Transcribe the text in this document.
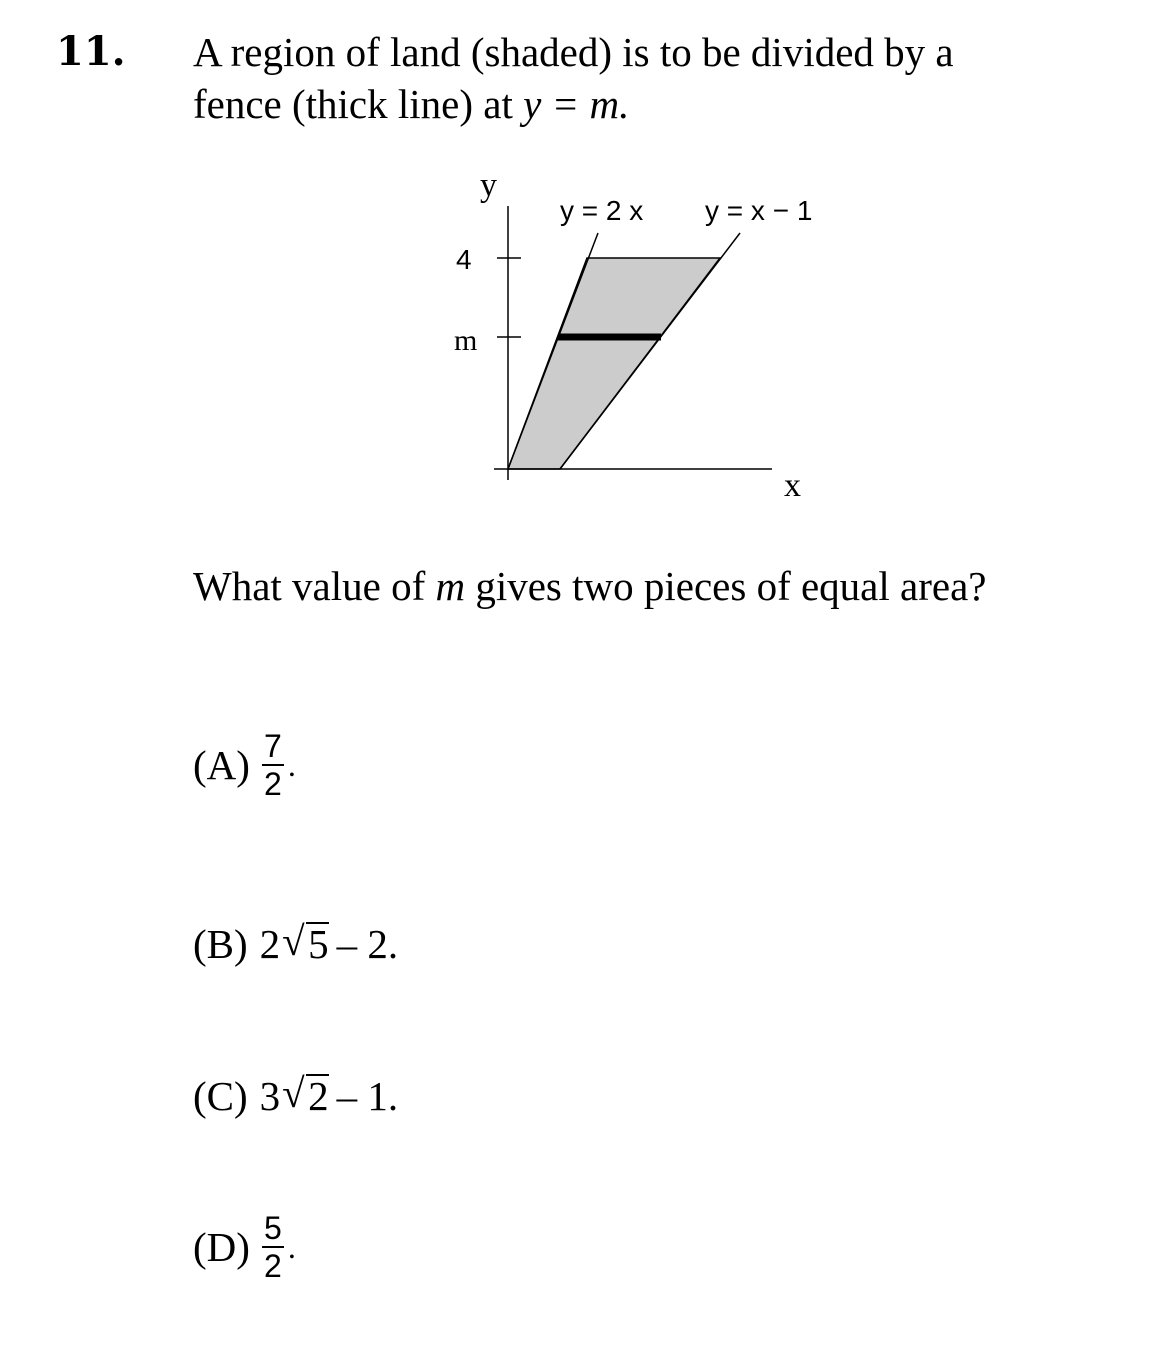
11. A region of land (shaded) is to be divided by a
fence (thick line) at y = m.
y
x
4
m
y = 2 x y = x − 1
What value of m gives two pieces of equal area?
$(A) \frac{7}{2}$ .
(B) 2 √ 5 – 2.
(C) 3 √ 2 – 1.
$(D) \frac{5}{2}$ .
